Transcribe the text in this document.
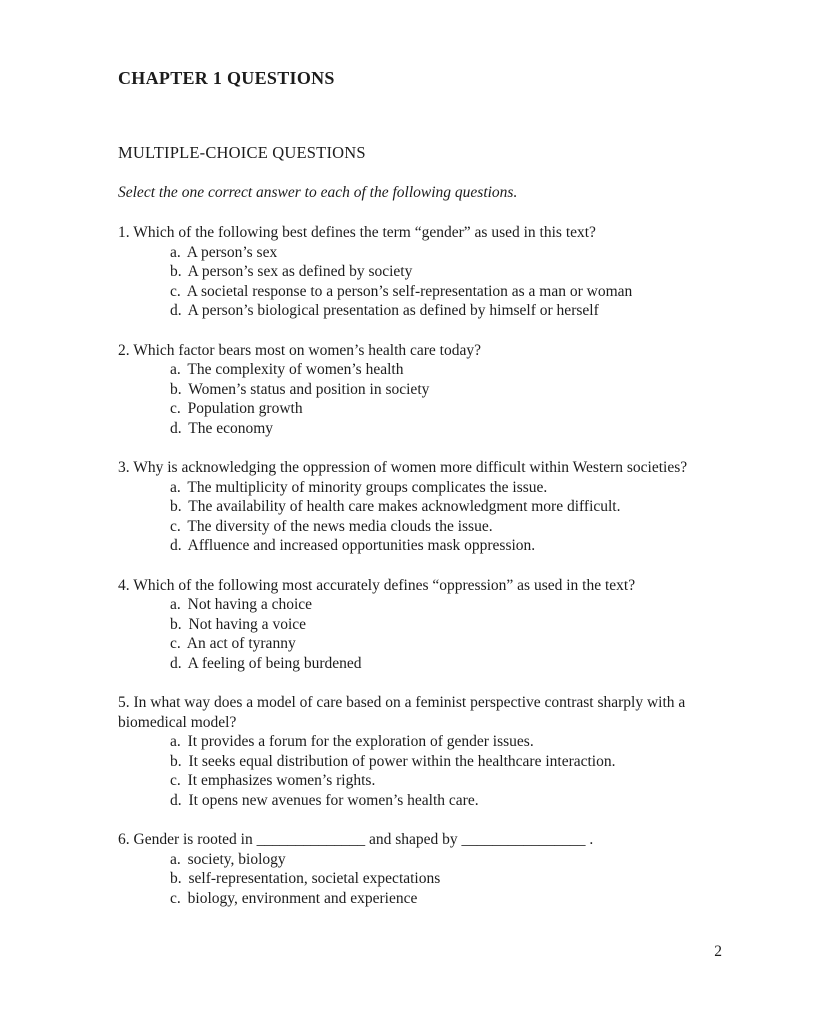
CHAPTER 1 QUESTIONS
MULTIPLE-CHOICE QUESTIONS
Select the one correct answer to each of the following questions.
1. Which of the following best defines the term “gender” as used in this text?
a. A person’s sex
b. A person’s sex as defined by society
c. A societal response to a person’s self-representation as a man or woman
d. A person’s biological presentation as defined by himself or herself
2. Which factor bears most on women’s health care today?
a. The complexity of women’s health
b. Women’s status and position in society
c. Population growth
d. The economy
3. Why is acknowledging the oppression of women more difficult within Western societies?
a. The multiplicity of minority groups complicates the issue.
b. The availability of health care makes acknowledgment more difficult.
c. The diversity of the news media clouds the issue.
d. Affluence and increased opportunities mask oppression.
4. Which of the following most accurately defines “oppression” as used in the text?
a. Not having a choice
b. Not having a voice
c. An act of tyranny
d. A feeling of being burdened
5. In what way does a model of care based on a feminist perspective contrast sharply with a biomedical model?
a. It provides a forum for the exploration of gender issues.
b. It seeks equal distribution of power within the healthcare interaction.
c. It emphasizes women’s rights.
d. It opens new avenues for women’s health care.
6. Gender is rooted in ______________ and shaped by ________________ .
a. society, biology
b. self-representation, societal expectations
c. biology, environment and experience
2
